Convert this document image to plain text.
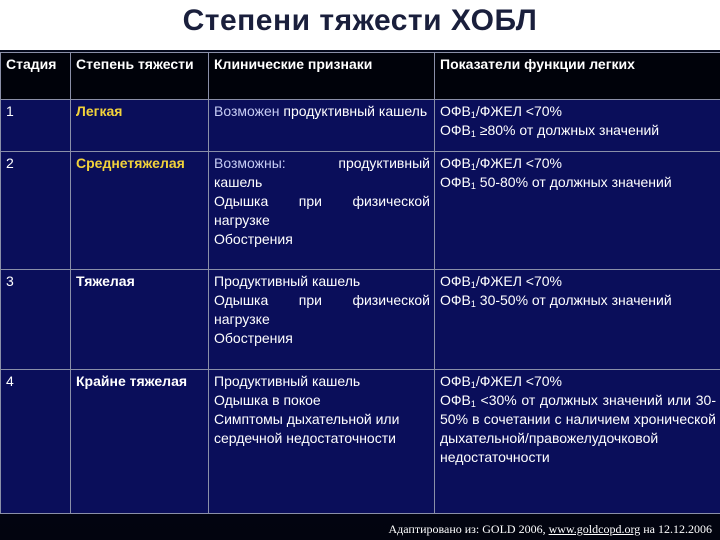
Степени тяжести ХОБЛ
Стадия	Степень тяжести	Клинические признаки	Показатели функции легких
1	Легкая	Возможен продуктивный кашель	$ОФВ_1$/ФЖЕЛ <70%
$ОФВ_1 \ge 80\%$ от должных значений

2	Среднетяжелая	Возможны: продуктивный кашель
Одышка при физической нагрузке
Обострения	$ОФВ_1$/ФЖЕЛ <70%
$ОФВ_1$ 50-80% от должных значений

3	Тяжелая	Продуктивный кашель
Одышка при физической нагрузке
Обострения	$ОФВ_1$/ФЖЕЛ <70%
$ОФВ_1$ 30-50% от должных значений

4	Крайне тяжелая	Продуктивный кашель
Одышка в покое
Симптомы дыхательной или сердечной недостаточности	$ОФВ_1$/ФЖЕЛ <70%
$ОФВ_1 <30\%$ от должных значений или 30-50% в сочетании с наличием хронической дыхательной/правожелудочковой недостаточности
Адаптировано из: GOLD 2006, www.goldcopd.org на 12.12.2006
